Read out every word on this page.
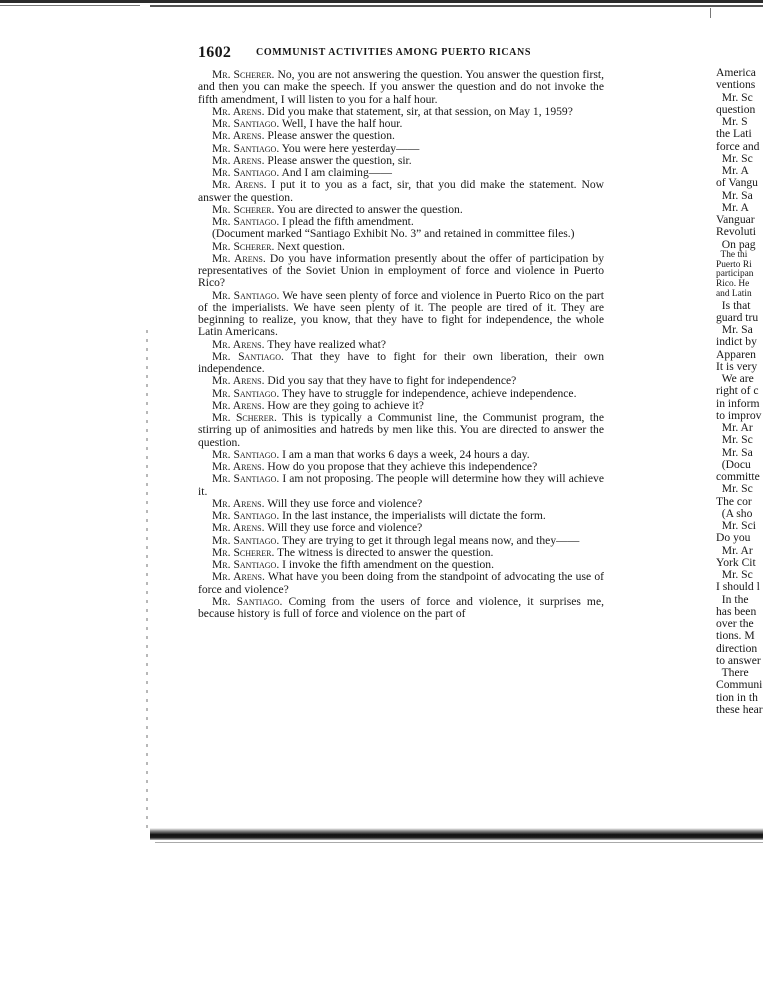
1602 COMMUNIST ACTIVITIES AMONG PUERTO RICANS

Mr. Scherer. No, you are not answering the question. You answer the question first, and then you can make the speech. If you answer the question and do not invoke the fifth amendment, I will listen to you for a half hour.

Mr. Arens. Did you make that statement, sir, at that session, on May 1, 1959?

Mr. Santiago. Well, I have the half hour.

Mr. Arens. Please answer the question.

Mr. Santiago. You were here yesterday——

Mr. Arens. Please answer the question, sir.

Mr. Santiago. And I am claiming——

Mr. Arens. I put it to you as a fact, sir, that you did make the statement. Now answer the question.

Mr. Scherer. You are directed to answer the question.

Mr. Santiago. I plead the fifth amendment.

(Document marked “Santiago Exhibit No. 3” and retained in committee files.)

Mr. Scherer. Next question.

Mr. Arens. Do you have information presently about the offer of participation by representatives of the Soviet Union in employment of force and violence in Puerto Rico?

Mr. Santiago. We have seen plenty of force and violence in Puerto Rico on the part of the imperialists. We have seen plenty of it. The people are tired of it. They are beginning to realize, you know, that they have to fight for independence, the whole Latin Americans.

Mr. Arens. They have realized what?

Mr. Santiago. That they have to fight for their own liberation, their own independence.

Mr. Arens. Did you say that they have to fight for independence?

Mr. Santiago. They have to struggle for independence, achieve independence.

Mr. Arens. How are they going to achieve it?

Mr. Scherer. This is typically a Communist line, the Communist program, the stirring up of animosities and hatreds by men like this. You are directed to answer the question.

Mr. Santiago. I am a man that works 6 days a week, 24 hours a day.

Mr. Arens. How do you propose that they achieve this independence?

Mr. Santiago. I am not proposing. The people will determine how they will achieve it.

Mr. Arens. Will they use force and violence?

Mr. Santiago. In the last instance, the imperialists will dictate the form.

Mr. Arens. Will they use force and violence?

Mr. Santiago. They are trying to get it through legal means now, and they——

Mr. Scherer. The witness is directed to answer the question.

Mr. Santiago. I invoke the fifth amendment on the question.

Mr. Arens. What have you been doing from the standpoint of advocating the use of force and violence?

Mr. Santiago. Coming from the users of force and violence, it surprises me, because history is full of force and violence on the part of

America

ventions

Mr. Sc

question

Mr. S

the Lati

force and

Mr. Sc

Mr. A

of Vangu

Mr. Sa

Mr. A

Vanguar

Revoluti

On pag

The thi

Puerto Ri

participan

Rico. He

and Latin

Is that

guard tru

Mr. Sa

indict by

Apparen

It is very

We are

right of c

in inform

to improv

Mr. Ar

Mr. Sc

Mr. Sa

(Docu

committe

Mr. Sc

The cor

(A sho

Mr. Sci

Do you

Mr. Ar

York Cit

Mr. Sc

I should l

In the

has been

over the

tions. M

direction

to answer

There

Communi

tion in th

these hear
